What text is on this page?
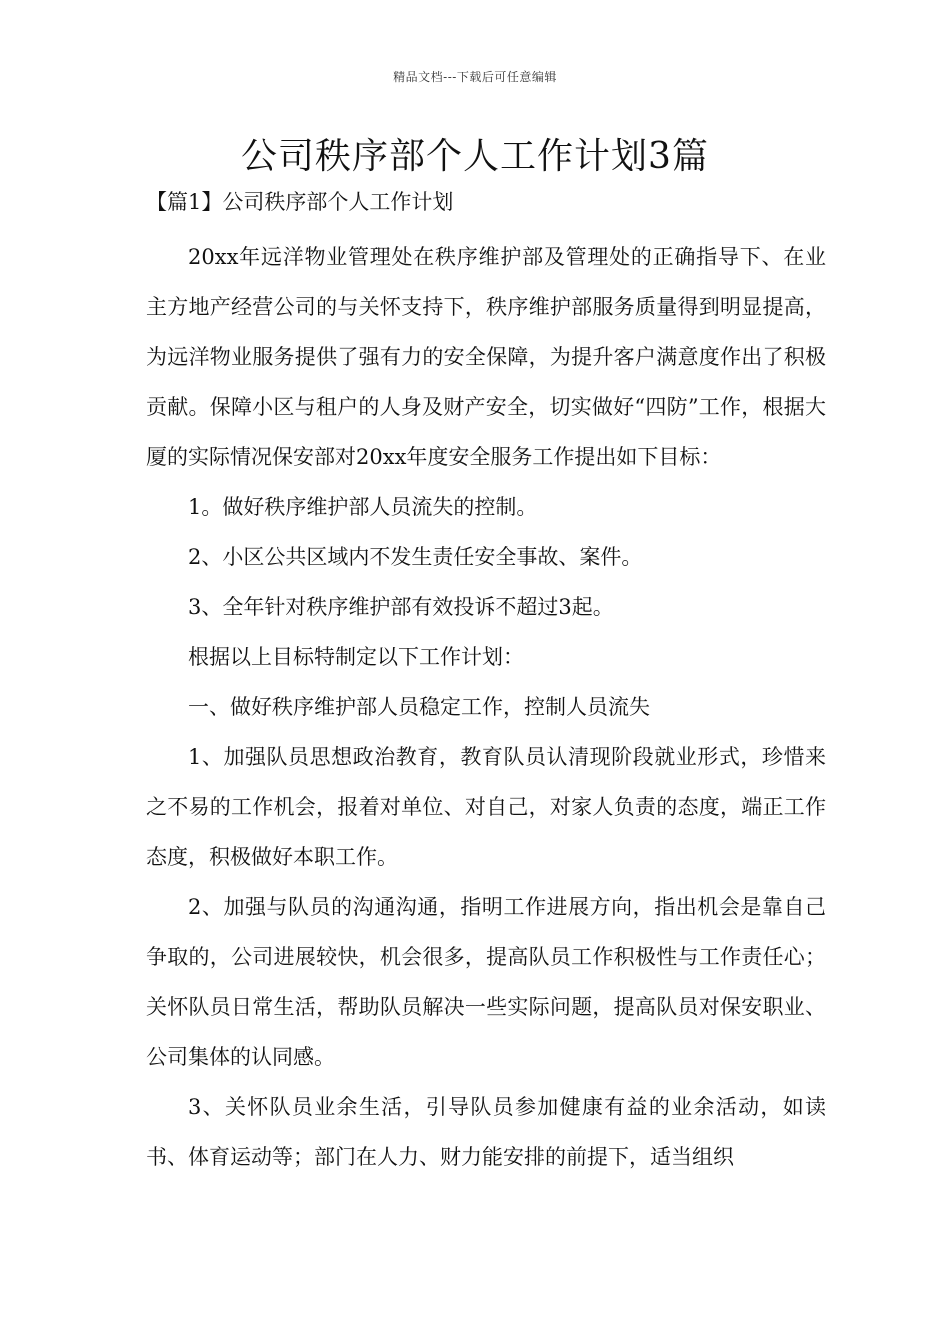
精品文档---下载后可任意编辑
公司秩序部个人工作计划3篇
【篇1】公司秩序部个人工作计划

20xx年远洋物业管理处在秩序维护部及管理处的正确指导下、在业主方地产经营公司的与关怀支持下，秩序维护部服务质量得到明显提高，为远洋物业服务提供了强有力的安全保障，为提升客户满意度作出了积极贡献。保障小区与租户的人身及财产安全，切实做好“四防”工作，根据大厦的实际情况保安部对20xx年度安全服务工作提出如下目标：

1。做好秩序维护部人员流失的控制。

2、小区公共区域内不发生责任安全事故、案件。

3、全年针对秩序维护部有效投诉不超过3起。

根据以上目标特制定以下工作计划：

一、做好秩序维护部人员稳定工作，控制人员流失

1、加强队员思想政治教育，教育队员认清现阶段就业形式，珍惜来之不易的工作机会，报着对单位、对自己，对家人负责的态度，端正工作态度，积极做好本职工作。

2、加强与队员的沟通沟通，指明工作进展方向，指出机会是靠自己争取的，公司进展较快，机会很多，提高队员工作积极性与工作责任心；关怀队员日常生活，帮助队员解决一些实际问题，提高队员对保安职业、公司集体的认同感。

3、关怀队员业余生活，引导队员参加健康有益的业余活动，如读书、体育运动等；部门在人力、财力能安排的前提下，适当组织
